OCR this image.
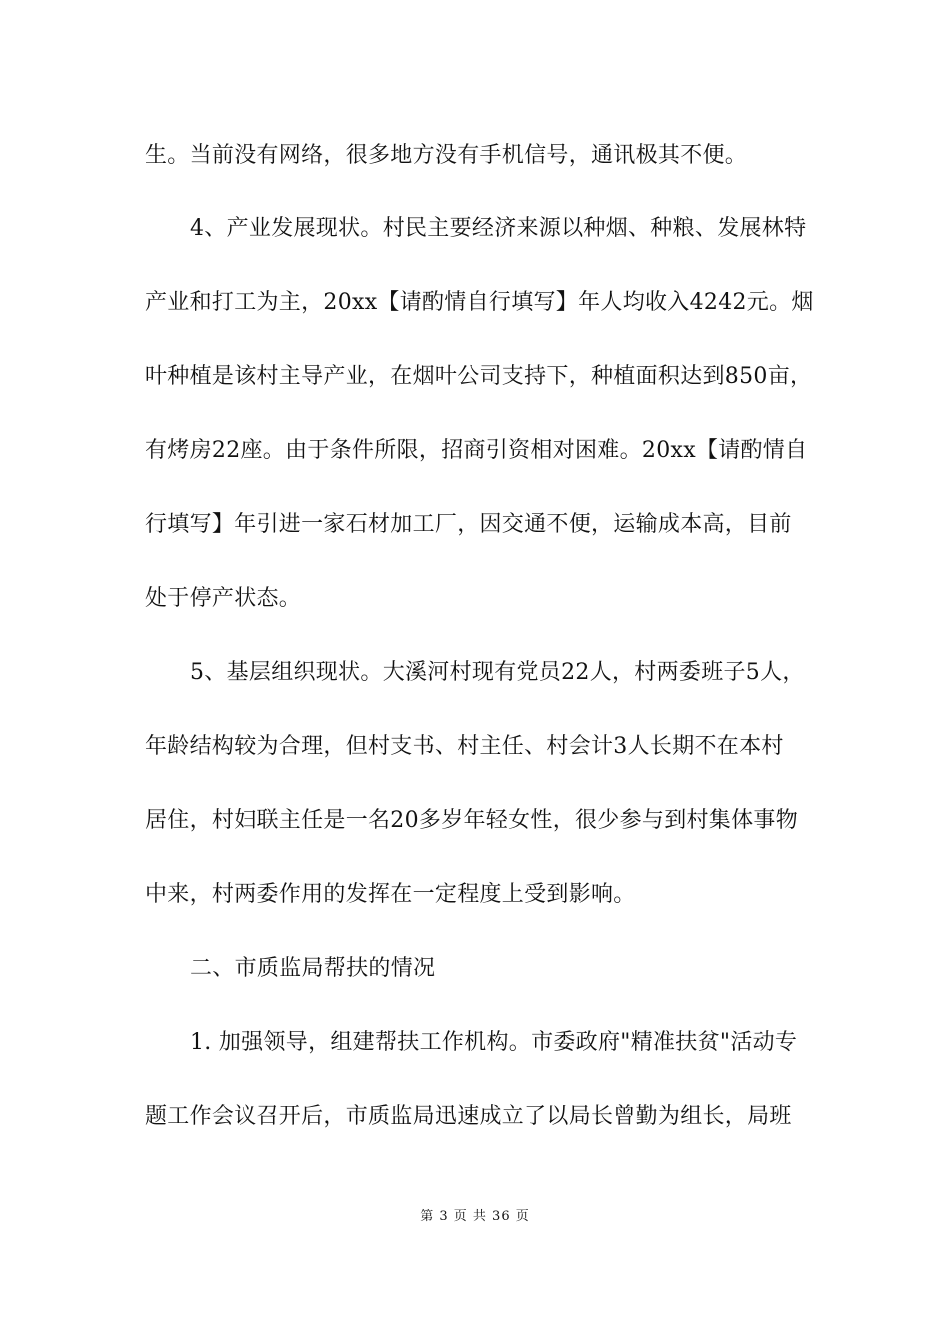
生。当前没有网络，很多地方没有手机信号，通讯极其不便。
4、产业发展现状。村民主要经济来源以种烟、种粮、发展林特
产业和打工为主，20xx【请酌情自行填写】年人均收入4242元。烟
叶种植是该村主导产业，在烟叶公司支持下，种植面积达到850亩，
有烤房22座。由于条件所限，招商引资相对困难。20xx【请酌情自
行填写】年引进一家石材加工厂，因交通不便，运输成本高，目前
处于停产状态。
5、基层组织现状。大溪河村现有党员22人，村两委班子5人，
年龄结构较为合理，但村支书、村主任、村会计3人长期不在本村
居住，村妇联主任是一名20多岁年轻女性，很少参与到村集体事物
中来，村两委作用的发挥在一定程度上受到影响。
二、市质监局帮扶的情况
1. 加强领导，组建帮扶工作机构。市委政府"精准扶贫"活动专
题工作会议召开后，市质监局迅速成立了以局长曾勤为组长，局班
第 3 页 共 36 页
